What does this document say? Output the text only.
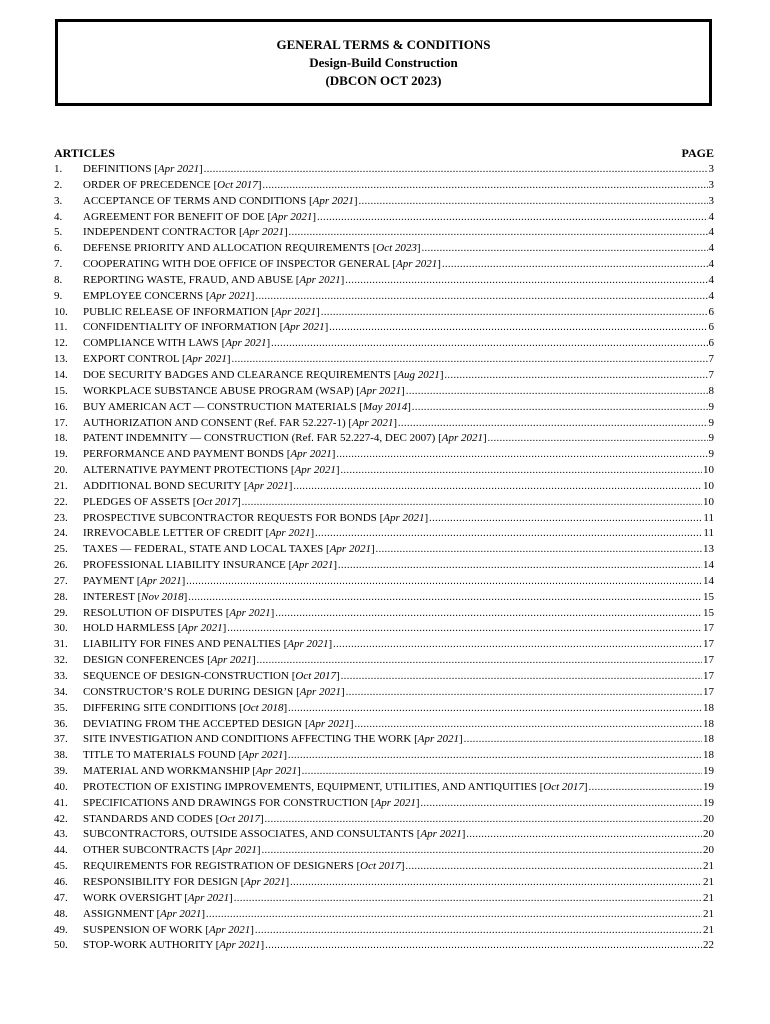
GENERAL TERMS & CONDITIONS
Design-Build Construction
(DBCON OCT 2023)
ARTICLES	PAGE
1.	DEFINITIONS [Apr 2021] .....	3
2.	ORDER OF PRECEDENCE [Oct 2017] .....	3
3.	ACCEPTANCE OF TERMS AND CONDITIONS [Apr 2021] .....	3
4.	AGREEMENT FOR BENEFIT OF DOE [Apr 2021] .....	4
5.	INDEPENDENT CONTRACTOR [Apr 2021] .....	4
6.	DEFENSE PRIORITY AND ALLOCATION REQUIREMENTS [Oct 2023] .....	4
7.	COOPERATING WITH DOE OFFICE OF INSPECTOR GENERAL [Apr 2021] .....	4
8.	REPORTING WASTE, FRAUD, AND ABUSE [Apr 2021] .....	4
9.	EMPLOYEE CONCERNS [Apr 2021] .....	4
10.	PUBLIC RELEASE OF INFORMATION [Apr 2021] .....	6
11.	CONFIDENTIALITY OF INFORMATION [Apr 2021] .....	6
12.	COMPLIANCE WITH LAWS [Apr 2021] .....	6
13.	EXPORT CONTROL [Apr 2021] .....	7
14.	DOE SECURITY BADGES AND CLEARANCE REQUIREMENTS [Aug 2021] .....	7
15.	WORKPLACE SUBSTANCE ABUSE PROGRAM (WSAP) [Apr 2021] .....	8
16.	BUY AMERICAN ACT — CONSTRUCTION MATERIALS [May 2014] .....	9
17.	AUTHORIZATION AND CONSENT (Ref. FAR 52.227-1) [Apr 2021] .....	9
18.	PATENT INDEMNITY — CONSTRUCTION (Ref. FAR 52.227-4, DEC 2007) [Apr 2021] .....	9
19.	PERFORMANCE AND PAYMENT BONDS [Apr 2021] .....	9
20.	ALTERNATIVE PAYMENT PROTECTIONS [Apr 2021] .....	10
21.	ADDITIONAL BOND SECURITY [Apr 2021] .....	10
22.	PLEDGES OF ASSETS [Oct 2017] .....	10
23.	PROSPECTIVE SUBCONTRACTOR REQUESTS FOR BONDS [Apr 2021] .....	11
24.	IRREVOCABLE LETTER OF CREDIT [Apr 2021] .....	11
25.	TAXES — FEDERAL, STATE AND LOCAL TAXES [Apr 2021] .....	13
26.	PROFESSIONAL LIABILITY INSURANCE [Apr 2021] .....	14
27.	PAYMENT [Apr 2021] .....	14
28.	INTEREST [Nov 2018] .....	15
29.	RESOLUTION OF DISPUTES [Apr 2021] .....	15
30.	HOLD HARMLESS [Apr 2021] .....	17
31.	LIABILITY FOR FINES AND PENALTIES [Apr 2021] .....	17
32.	DESIGN CONFERENCES [Apr 2021] .....	17
33.	SEQUENCE OF DESIGN-CONSTRUCTION [Oct 2017] .....	17
34.	CONSTRUCTOR’S ROLE DURING DESIGN [Apr 2021] .....	17
35.	DIFFERING SITE CONDITIONS [Oct 2018] .....	18
36.	DEVIATING FROM THE ACCEPTED DESIGN [Apr 2021] .....	18
37.	SITE INVESTIGATION AND CONDITIONS AFFECTING THE WORK [Apr 2021] .....	18
38.	TITLE TO MATERIALS FOUND [Apr 2021] .....	18
39.	MATERIAL AND WORKMANSHIP [Apr 2021] .....	19
40.	PROTECTION OF EXISTING IMPROVEMENTS, EQUIPMENT, UTILITIES, AND ANTIQUITIES [Oct 2017] .....	19
41.	SPECIFICATIONS AND DRAWINGS FOR CONSTRUCTION [Apr 2021] .....	19
42.	STANDARDS AND CODES [Oct 2017] .....	20
43.	SUBCONTRACTORS, OUTSIDE ASSOCIATES, AND CONSULTANTS [Apr 2021] .....	20
44.	OTHER SUBCONTRACTS [Apr 2021] .....	20
45.	REQUIREMENTS FOR REGISTRATION OF DESIGNERS [Oct 2017] .....	21
46.	RESPONSIBILITY FOR DESIGN [Apr 2021] .....	21
47.	WORK OVERSIGHT [Apr 2021] .....	21
48.	ASSIGNMENT [Apr 2021] .....	21
49.	SUSPENSION OF WORK [Apr 2021] .....	21
50.	STOP-WORK AUTHORITY [Apr 2021] .....	22
